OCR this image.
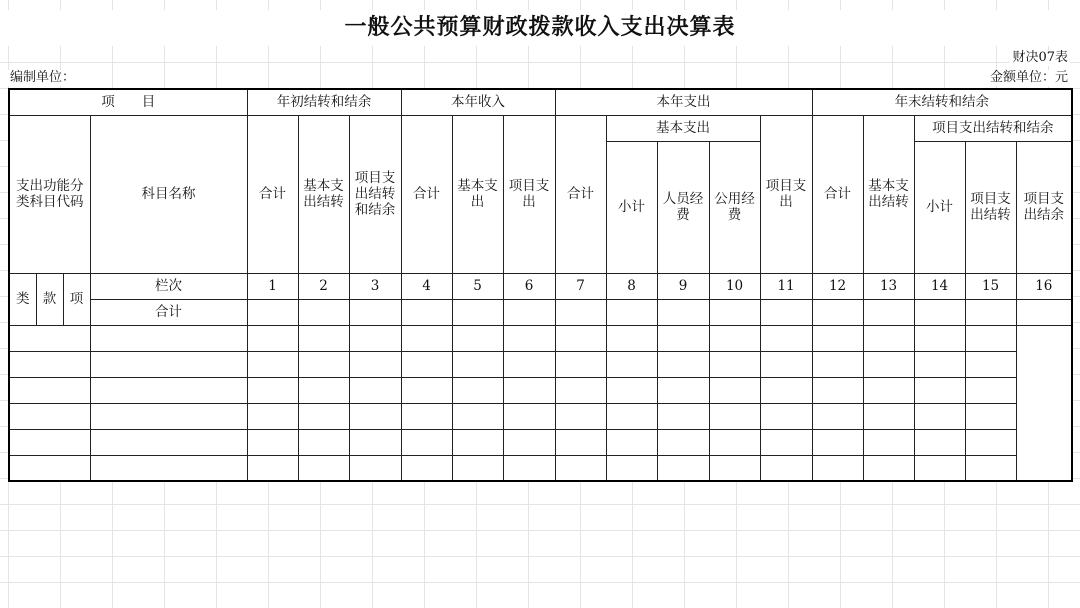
一般公共预算财政拨款收入支出决算表
财决07表
编制单位：	金额单位：元
项　　目				年初结转和结余			本年收入			本年支出					年末结转和结余				
支出功能分类科目代码			科目名称	合计	基本支出结转	项目支出结转和结余	合计	基本支出	项目支出	合计	基本支出			项目支出	合计	基本支出结转	项目支出结转和结余		
											小计	人员经费	公用经费				小计	项目支出结转	项目支出结余
类	款	项	栏次	1	2	3	4	5	6	7	8	9	10	11	12	13	14	15	16
			合计																
